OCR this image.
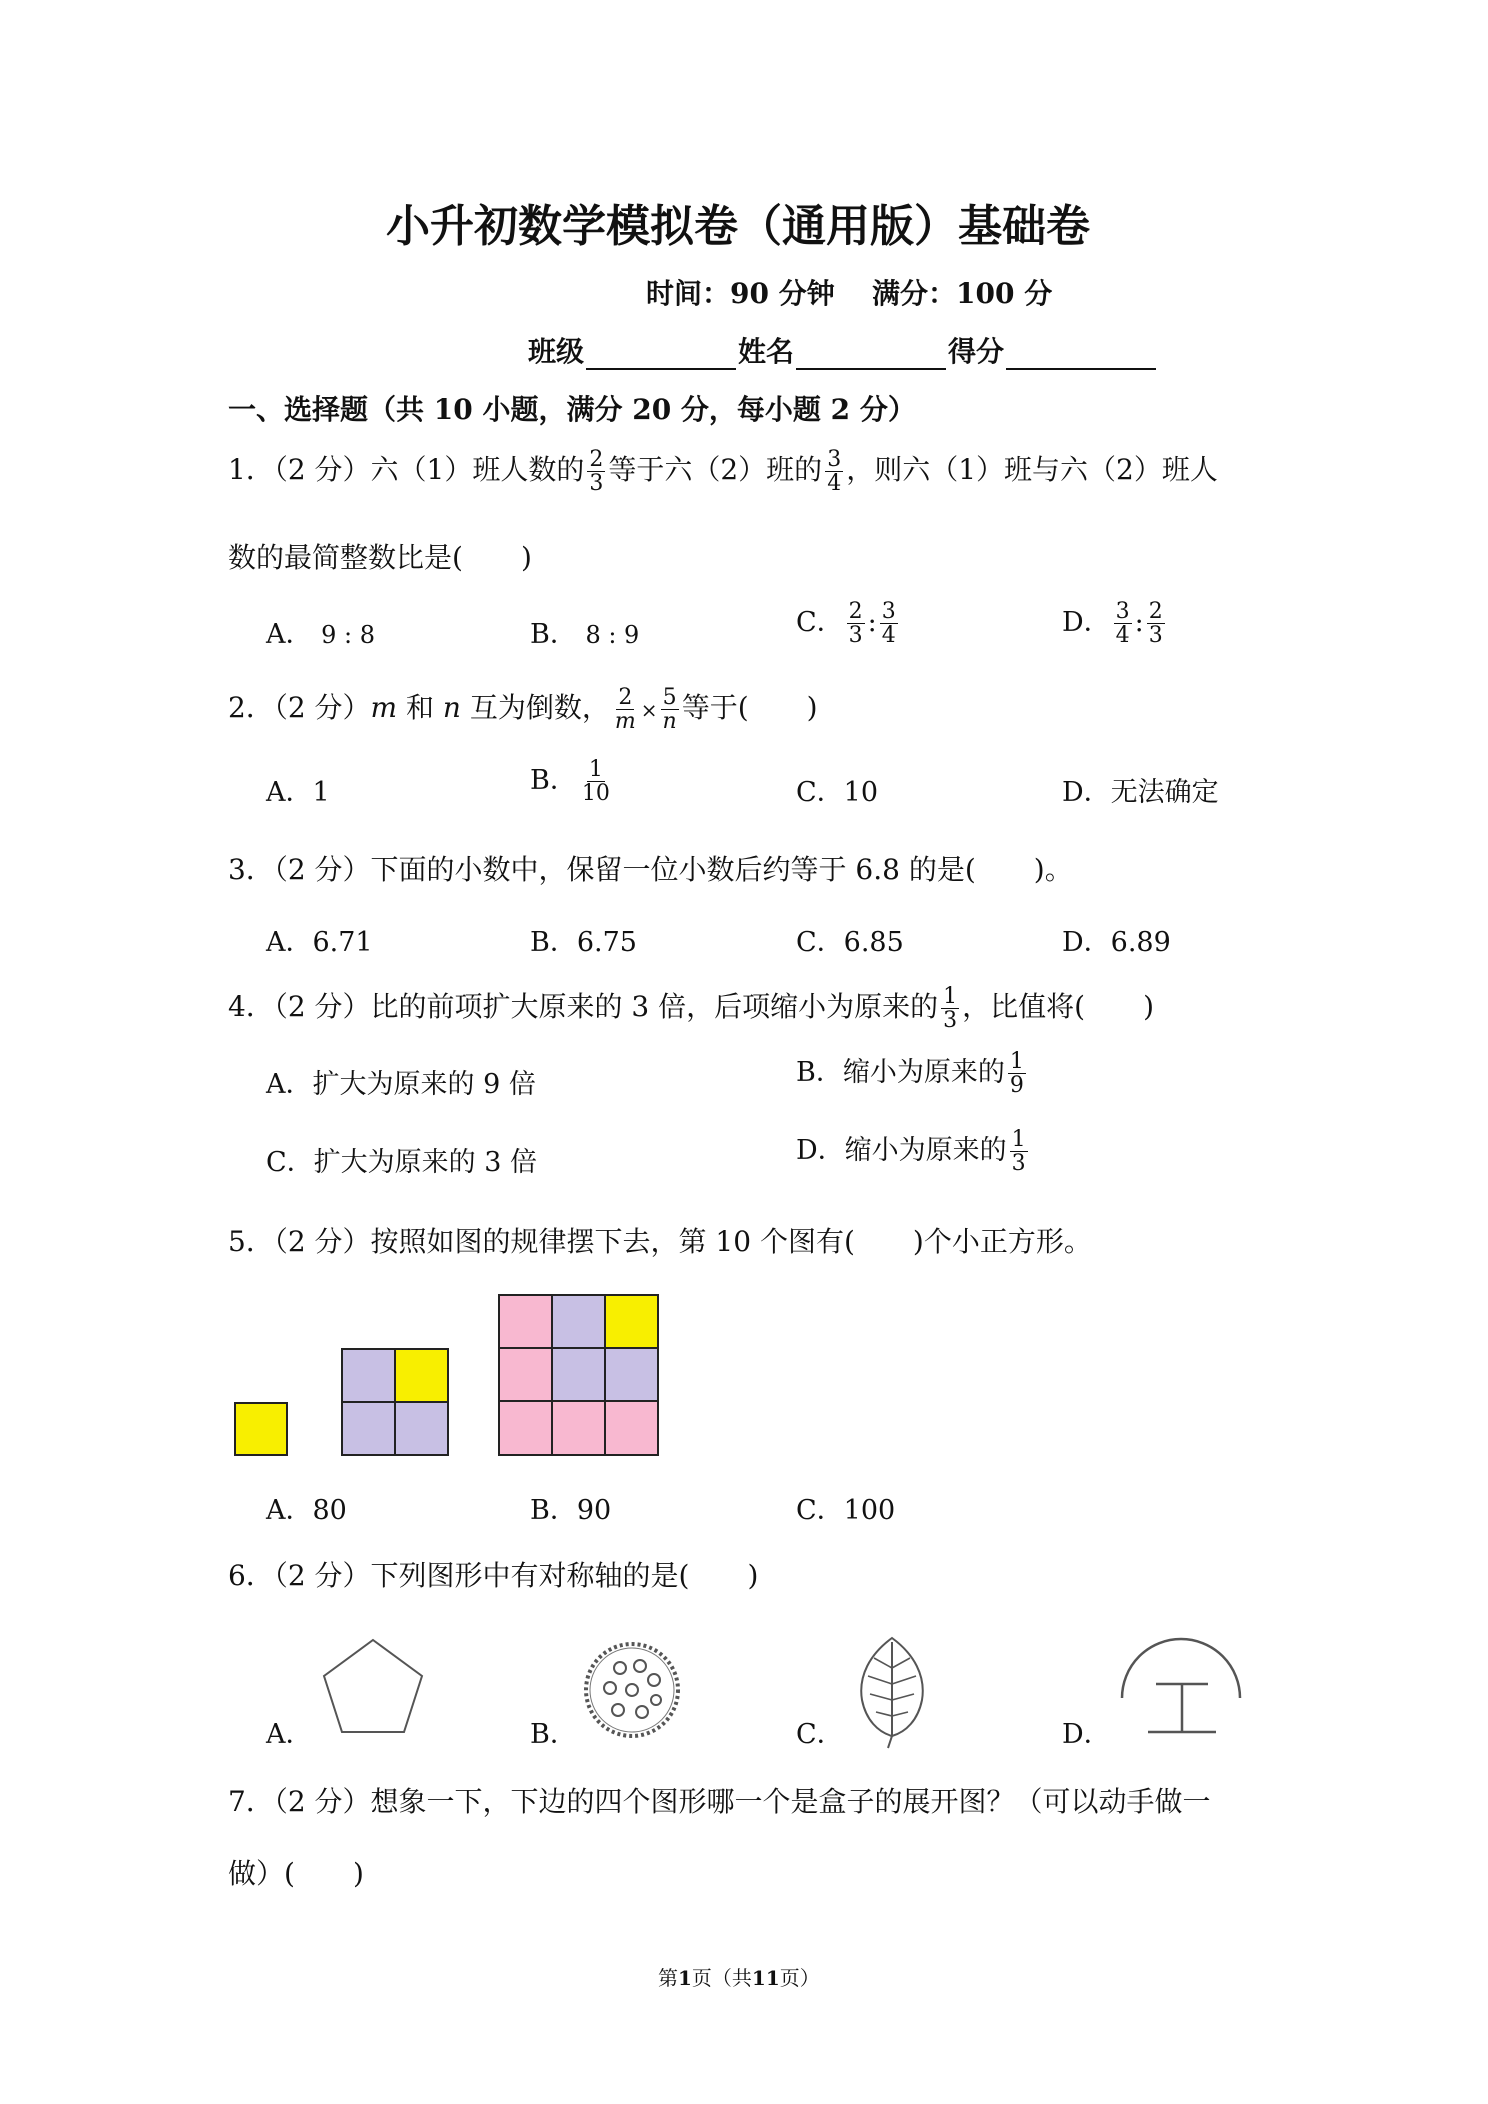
小升初数学模拟卷（通用版）基础卷
时间：90 分钟 满分：100 分
班级	姓名	得分
一、选择题（共 10 小题，满分 20 分，每小题 2 分）
1．（2 分）六（1）班人数的 $\frac{2}{3}$ 等于六（2）班的 $\frac{3}{4}$ ，则六（1）班与六（2）班人
数的最简整数比是( )
A． 9 : 8	B． 8 : 9	C． $\frac{2}{3}$ : $\frac{3}{4}$	D． $\frac{3}{4}$ : $\frac{2}{3}$
2．（2 分）m 和 n 互为倒数， $\frac{2}{m} \times \frac{5}{n}$ 等于( )
A．1	B． $\frac{1}{10}$	C．10	D．无法确定
3．（2 分）下面的小数中，保留一位小数后约等于 6.8 的是( )。
A．6.71	B．6.75	C．6.85	D．6.89
4．（2 分）比的前项扩大原来的 3 倍，后项缩小为原来的 $\frac{1}{3}$ ，比值将( )
A．扩大为原来的 9 倍	B．缩小为原来的 $\frac{1}{9}$
C．扩大为原来的 3 倍	D．缩小为原来的 $\frac{1}{3}$
5．（2 分）按照如图的规律摆下去，第 10 个图有( )个小正方形。
A．80	B．90	C．100
6．（2 分）下列图形中有对称轴的是( )
A．	B．	C．	D．
7．（2 分）想象一下，下边的四个图形哪一个是盒子的展开图？（可以动手做一
做）( )
第1页（共11页）
